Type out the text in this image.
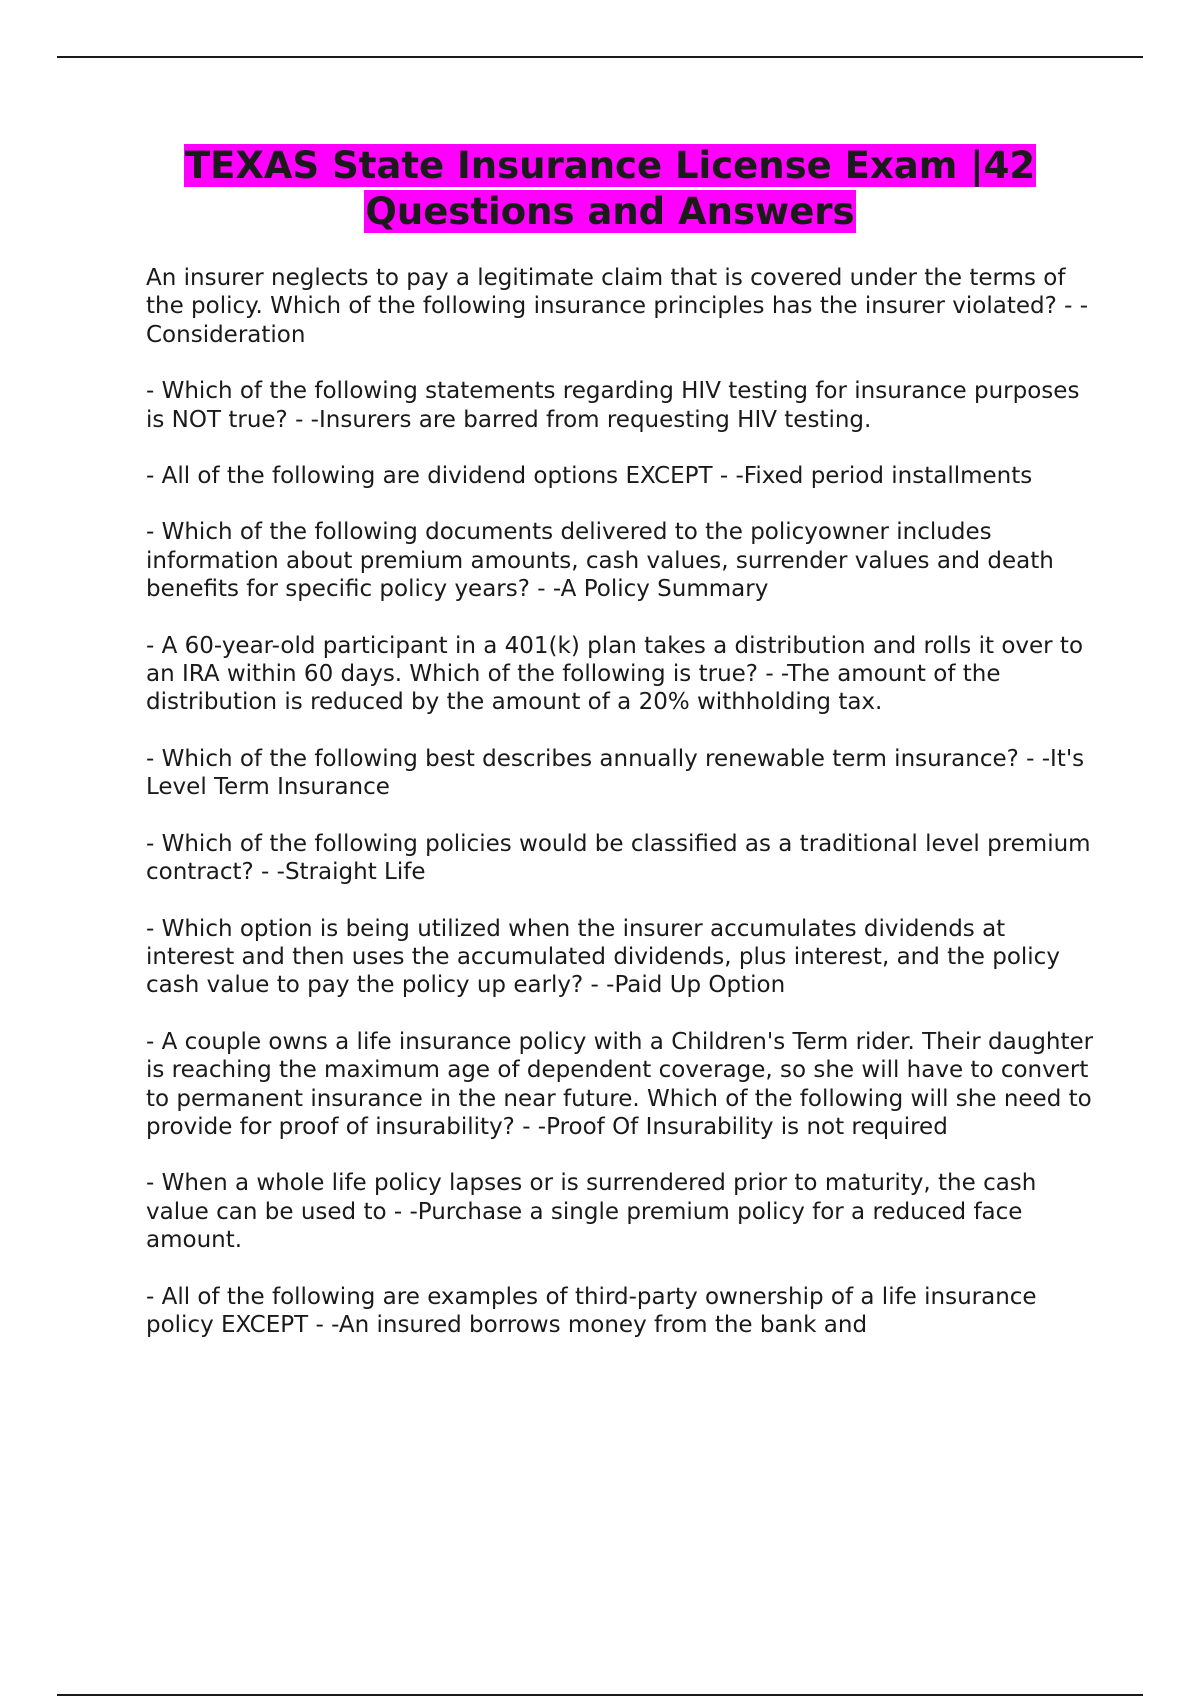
TEXAS State Insurance License Exam |42 Questions and Answers

An insurer neglects to pay a legitimate claim that is covered under the terms of the policy. Which of the following insurance principles has the insurer violated? - -Consideration

- Which of the following statements regarding HIV testing for insurance purposes is NOT true? - -Insurers are barred from requesting HIV testing.

- All of the following are dividend options EXCEPT - -Fixed period installments

- Which of the following documents delivered to the policyowner includes information about premium amounts, cash values, surrender values and death benefits for specific policy years? - -A Policy Summary

- A 60-year-old participant in a 401(k) plan takes a distribution and rolls it over to an IRA within 60 days. Which of the following is true? - -The amount of the distribution is reduced by the amount of a 20% withholding tax.

- Which of the following best describes annually renewable term insurance? - -It's Level Term Insurance

- Which of the following policies would be classified as a traditional level premium contract? - -Straight Life

- Which option is being utilized when the insurer accumulates dividends at interest and then uses the accumulated dividends, plus interest, and the policy cash value to pay the policy up early? - -Paid Up Option

- A couple owns a life insurance policy with a Children's Term rider. Their daughter is reaching the maximum age of dependent coverage, so she will have to convert to permanent insurance in the near future. Which of the following will she need to provide for proof of insurability? - -Proof Of Insurability is not required

- When a whole life policy lapses or is surrendered prior to maturity, the cash value can be used to - -Purchase a single premium policy for a reduced face amount.

- All of the following are examples of third-party ownership of a life insurance policy EXCEPT - -An insured borrows money from the bank and
